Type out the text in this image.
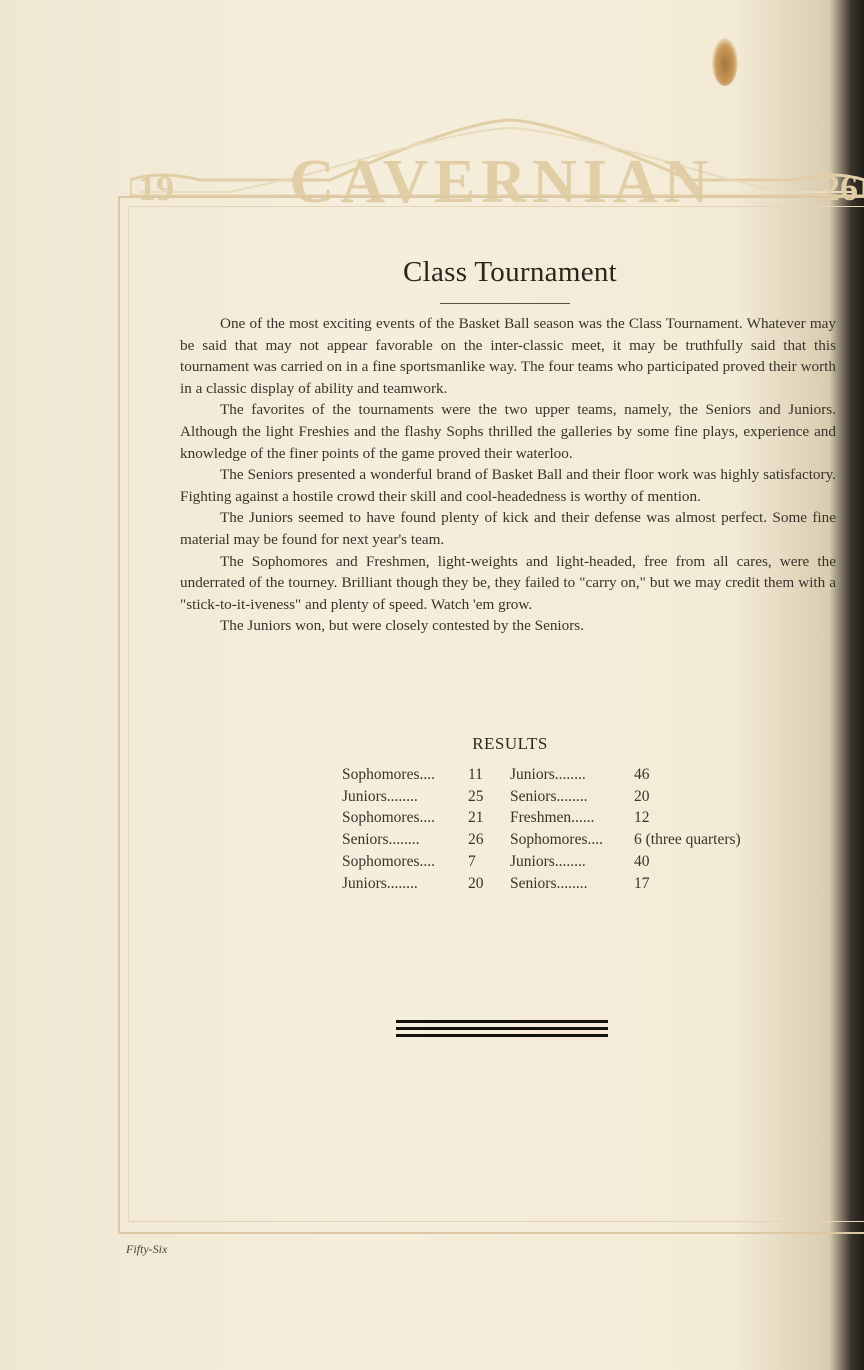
19 CAVERNIAN	26
Class Tournament

One of the most exciting events of the Basket Ball season was the Class Tournament. Whatever may be said that may not appear favorable on the inter-classic meet, it may be truthfully said that this tournament was carried on in a fine sportsmanlike way. The four teams who participated proved their worth in a classic display of ability and teamwork.

The favorites of the tournaments were the two upper teams, namely, the Seniors and Juniors. Although the light Freshies and the flashy Sophs thrilled the galleries by some fine plays, experience and knowledge of the finer points of the game proved their waterloo.

The Seniors presented a wonderful brand of Basket Ball and their floor work was highly satisfactory. Fighting against a hostile crowd their skill and cool-headedness is worthy of mention.

The Juniors seemed to have found plenty of kick and their defense was almost perfect. Some fine material may be found for next year's team.

The Sophomores and Freshmen, light-weights and light-headed, free from all cares, were the underrated of the tourney. Brilliant though they be, they failed to "carry on," but we may credit them with a "stick-to-it-iveness" and plenty of speed. Watch 'em grow.

The Juniors won, but were closely contested by the Seniors.

RESULTS
Sophomores....	11	Juniors........	46
Juniors........	25	Seniors........	20
Sophomores....	21	Freshmen......	12
Seniors........	26	Sophomores....	6 (three quarters)
Sophomores....	7	Juniors........	40
Juniors........	20	Seniors........	17
Fifty-Six
